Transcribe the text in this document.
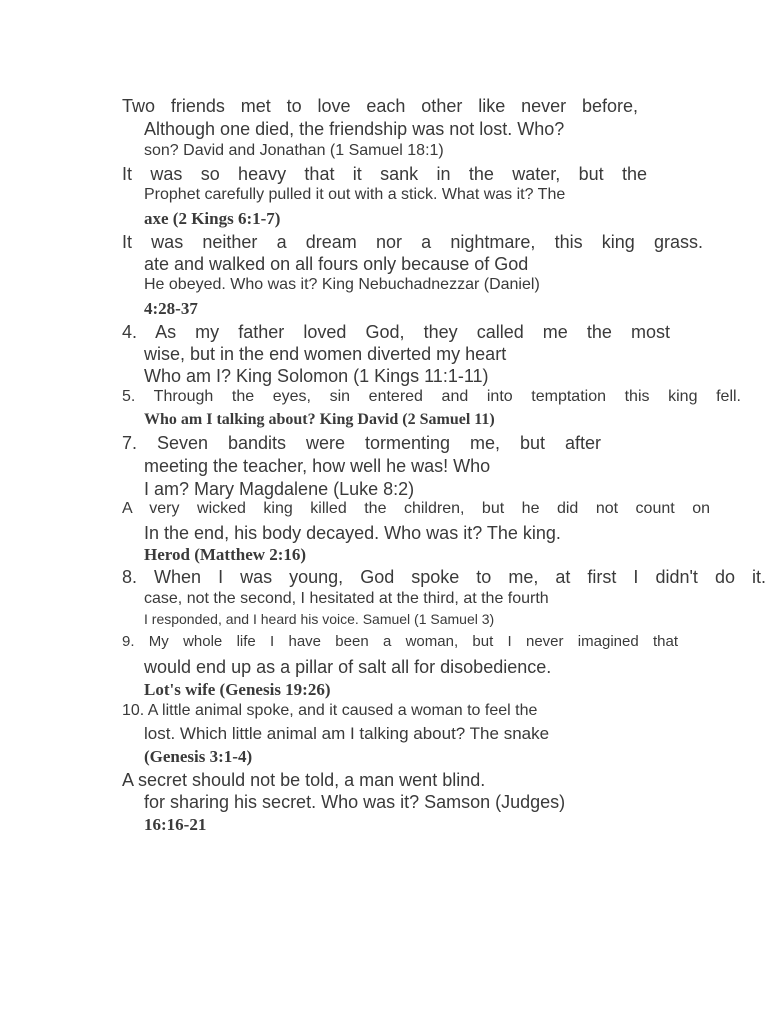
Two friends met to love each other like never before,
Although one died, the friendship was not lost. Who?
son? David and Jonathan (1 Samuel 18:1)
It was so heavy that it sank in the water, but the
Prophet carefully pulled it out with a stick. What was it? The
axe (2 Kings 6:1-7)
It was neither a dream nor a nightmare, this king grass.
ate and walked on all fours only because of God
He obeyed. Who was it? King Nebuchadnezzar (Daniel)
4:28-37
4. As my father loved God, they called me the most
wise, but in the end women diverted my heart
Who am I? King Solomon (1 Kings 11:1-11)
5. Through the eyes, sin entered and into temptation this king fell.
Who am I talking about? King David (2 Samuel 11)
7. Seven bandits were tormenting me, but after
meeting the teacher, how well he was! Who
I am? Mary Magdalene (Luke 8:2)
A very wicked king killed the children, but he did not count on
In the end, his body decayed. Who was it? The king.
Herod (Matthew 2:16)
8. When I was young, God spoke to me, at first I didn't do it.
case, not the second, I hesitated at the third, at the fourth
I responded, and I heard his voice. Samuel (1 Samuel 3)
9. My whole life I have been a woman, but I never imagined that
would end up as a pillar of salt all for disobedience.
Lot's wife (Genesis 19:26)
10. A little animal spoke, and it caused a woman to feel the
lost. Which little animal am I talking about? The snake
(Genesis 3:1-4)
A secret should not be told, a man went blind.
for sharing his secret. Who was it? Samson (Judges)
16:16-21
